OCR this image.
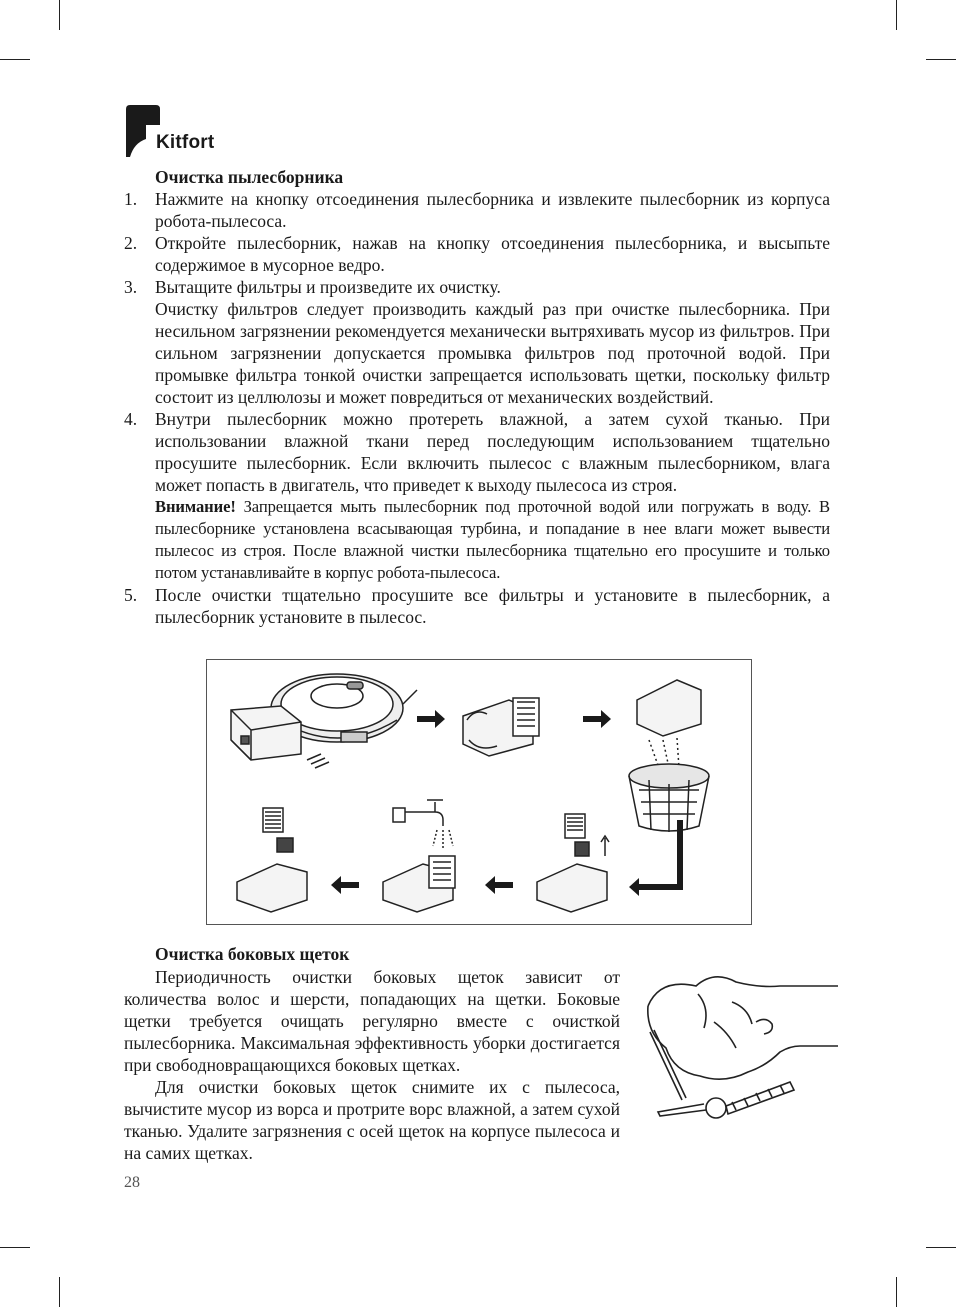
Kitfort
Очистка пылесборника
1. Нажмите на кнопку отсоединения пылесборника и извлеките пылесборник из корпуса робота-пылесоса.

2. Откройте пылесборник, нажав на кнопку отсоединения пылесборника, и высыпьте содержимое в мусорное ведро.

3. Вытащите фильтры и произведите их очистку.

Очистку фильтров следует производить каждый раз при очистке пылесборника. При несильном загрязнении рекомендуется механически вытряхивать мусор из фильтров. При сильном загрязнении допускается промывка фильтров под проточной водой. При промывке фильтра тонкой очистки запрещается использовать щетки, поскольку фильтр состоит из целлюлозы и может повредиться от механических воздействий.

4. Внутри пылесборник можно протереть влажной, а затем сухой тканью. При использовании влажной ткани перед последующим использованием тщательно просушите пылесборник. Если включить пылесос с влажным пылесборником, влага может попасть в двигатель, что приведет к выходу пылесоса из строя.

Внимание! Запрещается мыть пылесборник под проточной водой или погружать в воду. В пылесборнике установлена всасывающая турбина, и попадание в нее влаги может вывести пылесос из строя. После влажной чистки пылесборника тщательно его просушите и только потом устанавливайте в корпус робота-пылесоса.

5. После очистки тщательно просушите все фильтры и установите в пылесборник, а пылесборник установите в пылесос.

Очистка боковых щеток

Периодичность очистки боковых щеток зависит от количества волос и шерсти, попадающих на щетки. Боковые щетки требуется очищать регулярно вместе с очисткой пылесборника. Максимальная эффективность уборки достигается при свободновращающихся боковых щетках.

Для очистки боковых щеток снимите их с пылесоса, вычистите мусор из ворса и протрите ворс влажной, а затем сухой тканью. Удалите загрязнения с осей щеток на корпусе пылесоса и на самих щетках.

28
